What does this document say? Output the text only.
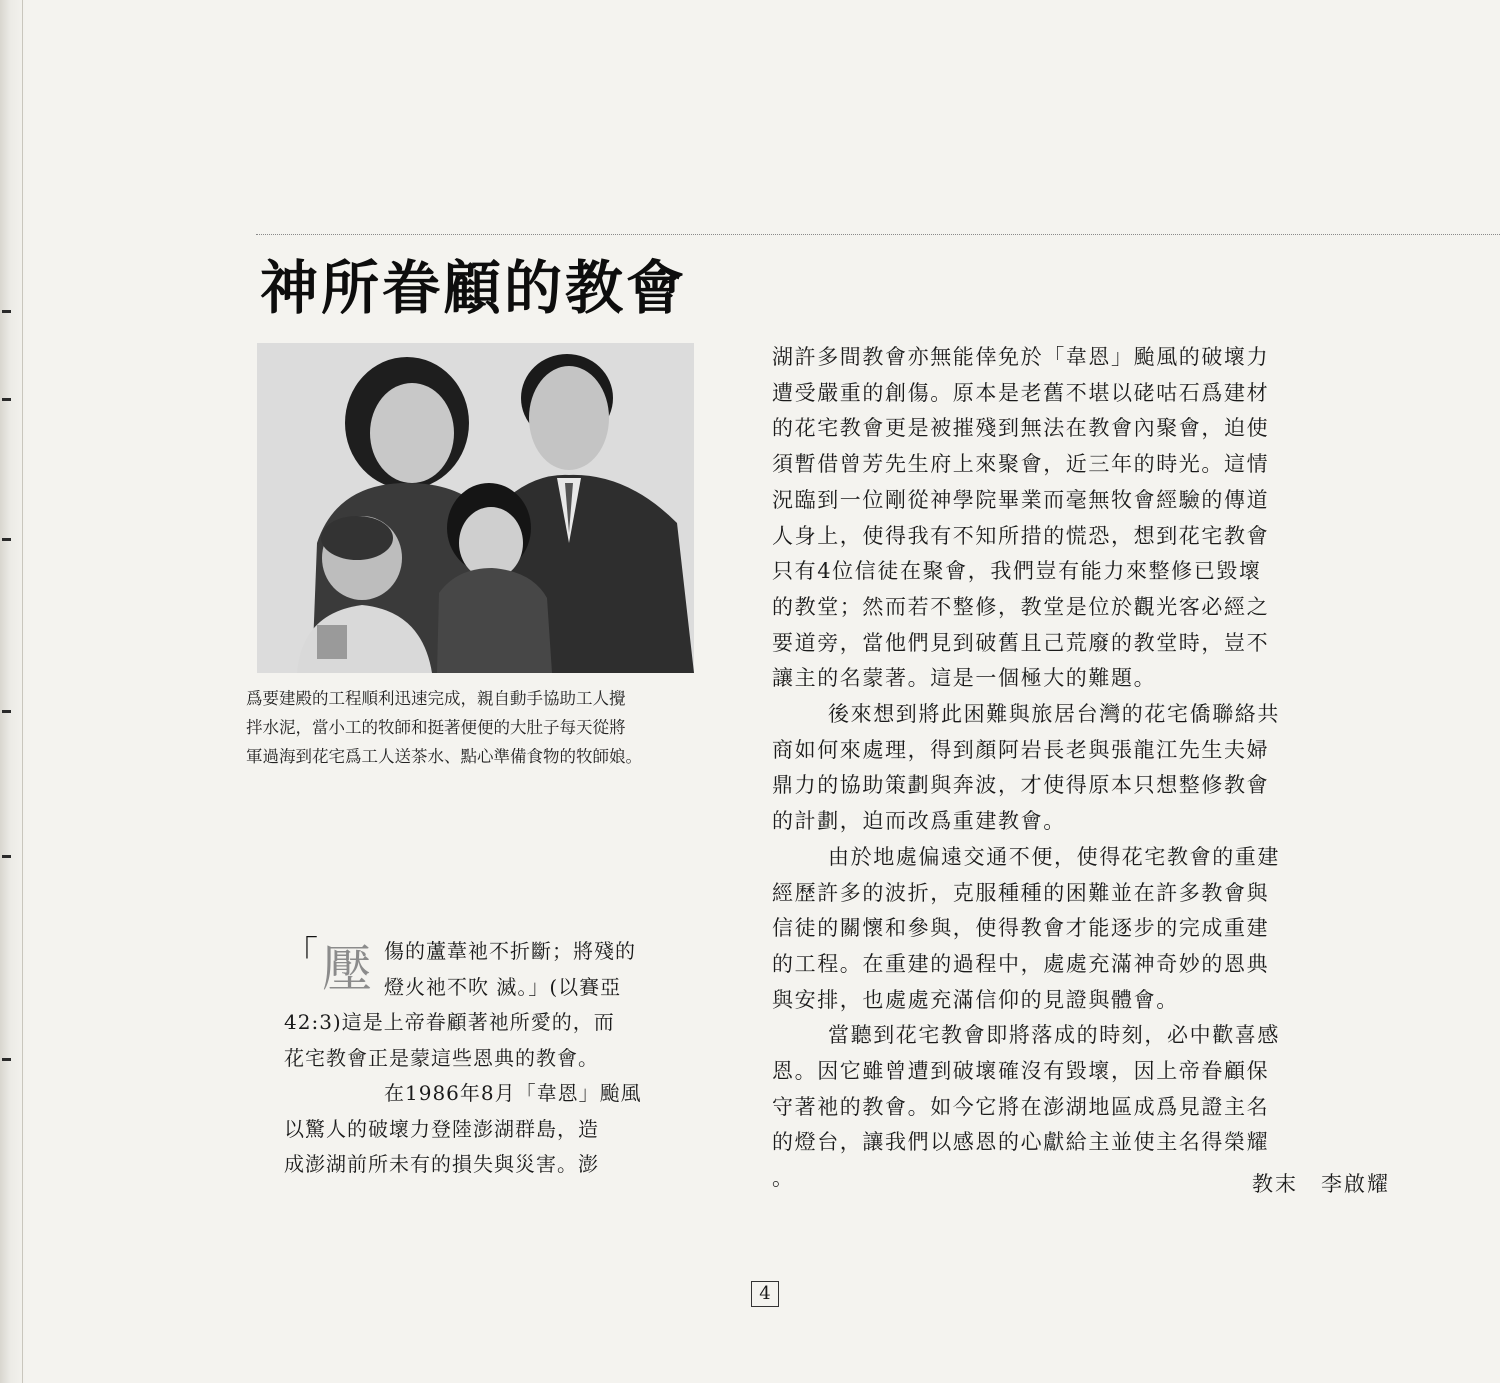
神所眷顧的教會

爲要建殿的工程順利迅速完成，親自動手協助工人攪

拌水泥，當小工的牧師和挺著便便的大肚子每天從將

軍過海到花宅爲工人送茶水、點心準備食物的牧師娘。

「 壓 傷的蘆葦祂不折斷；將殘的

燈火祂不吹 滅。」(以賽亞

42:3)這是上帝眷顧著祂所愛的，而

花宅教會正是蒙這些恩典的教會。

在1986年8月「韋恩」颱風

以驚人的破壞力登陸澎湖群島，造

成澎湖前所未有的損失與災害。澎

湖許多間教會亦無能倖免於「韋恩」颱風的破壞力

遭受嚴重的創傷。原本是老舊不堪以硓咕石爲建材

的花宅教會更是被摧殘到無法在教會內聚會，迫使

須暫借曾芳先生府上來聚會，近三年的時光。這情

況臨到一位剛從神學院畢業而毫無牧會經驗的傳道

人身上，使得我有不知所措的慌恐，想到花宅教會

只有4位信徒在聚會，我們豈有能力來整修已毀壞

的教堂；然而若不整修，教堂是位於觀光客必經之

要道旁，當他們見到破舊且己荒廢的教堂時，豈不

讓主的名蒙著。這是一個極大的難題。

後來想到將此困難與旅居台灣的花宅僑聯絡共

商如何來處理，得到顏阿岩長老與張龍江先生夫婦

鼎力的協助策劃與奔波，才使得原本只想整修教會

的計劃，迫而改爲重建教會。

由於地處偏遠交通不便，使得花宅教會的重建

經歷許多的波折，克服種種的困難並在許多教會與

信徒的關懷和參與，使得教會才能逐步的完成重建

的工程。在重建的過程中，處處充滿神奇妙的恩典

與安排，也處處充滿信仰的見證與體會。

當聽到花宅教會即將落成的時刻，必中歡喜感

恩。因它雖曾遭到破壞確沒有毀壞，因上帝眷顧保

守著祂的教會。如今它將在澎湖地區成爲見證主名

的燈台，讓我們以感恩的心獻給主並使主名得榮耀

。	教末　李啟耀
4
